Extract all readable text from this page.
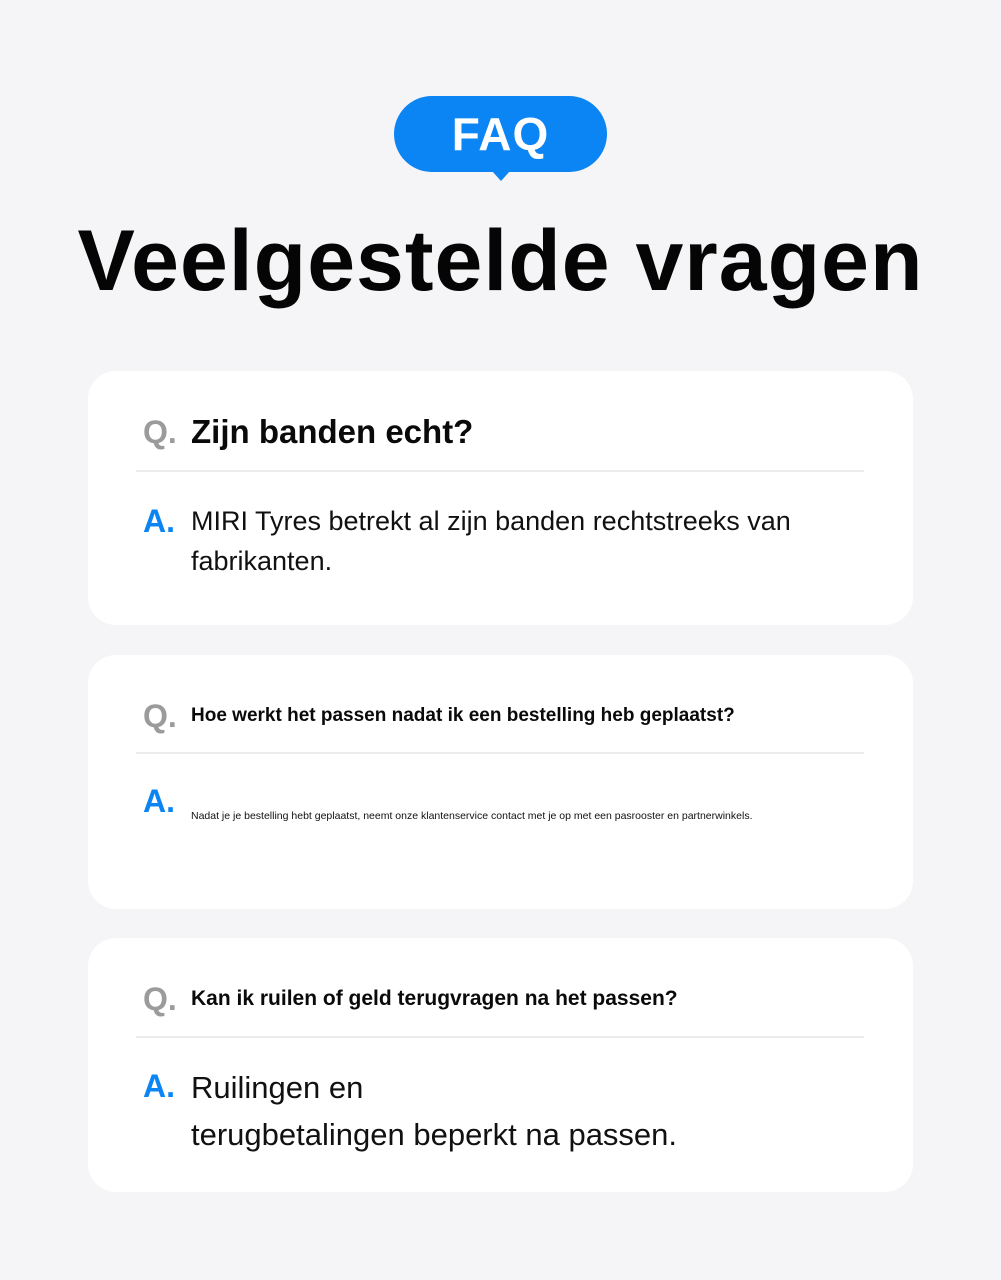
FAQ
Veelgestelde vragen
Q. Zijn banden echt?
A. MIRI Tyres betrekt al zijn banden rechtstreeks van fabrikanten.
Q. Hoe werkt het passen nadat ik een bestelling heb geplaatst?
A.	Nadat je je bestelling hebt geplaatst, neemt onze klantenservice contact met je op met een pasrooster en partnerwinkels.
Q. Kan ik ruilen of geld terugvragen na het passen?
A. Ruilingen en
terugbetalingen beperkt na passen.
